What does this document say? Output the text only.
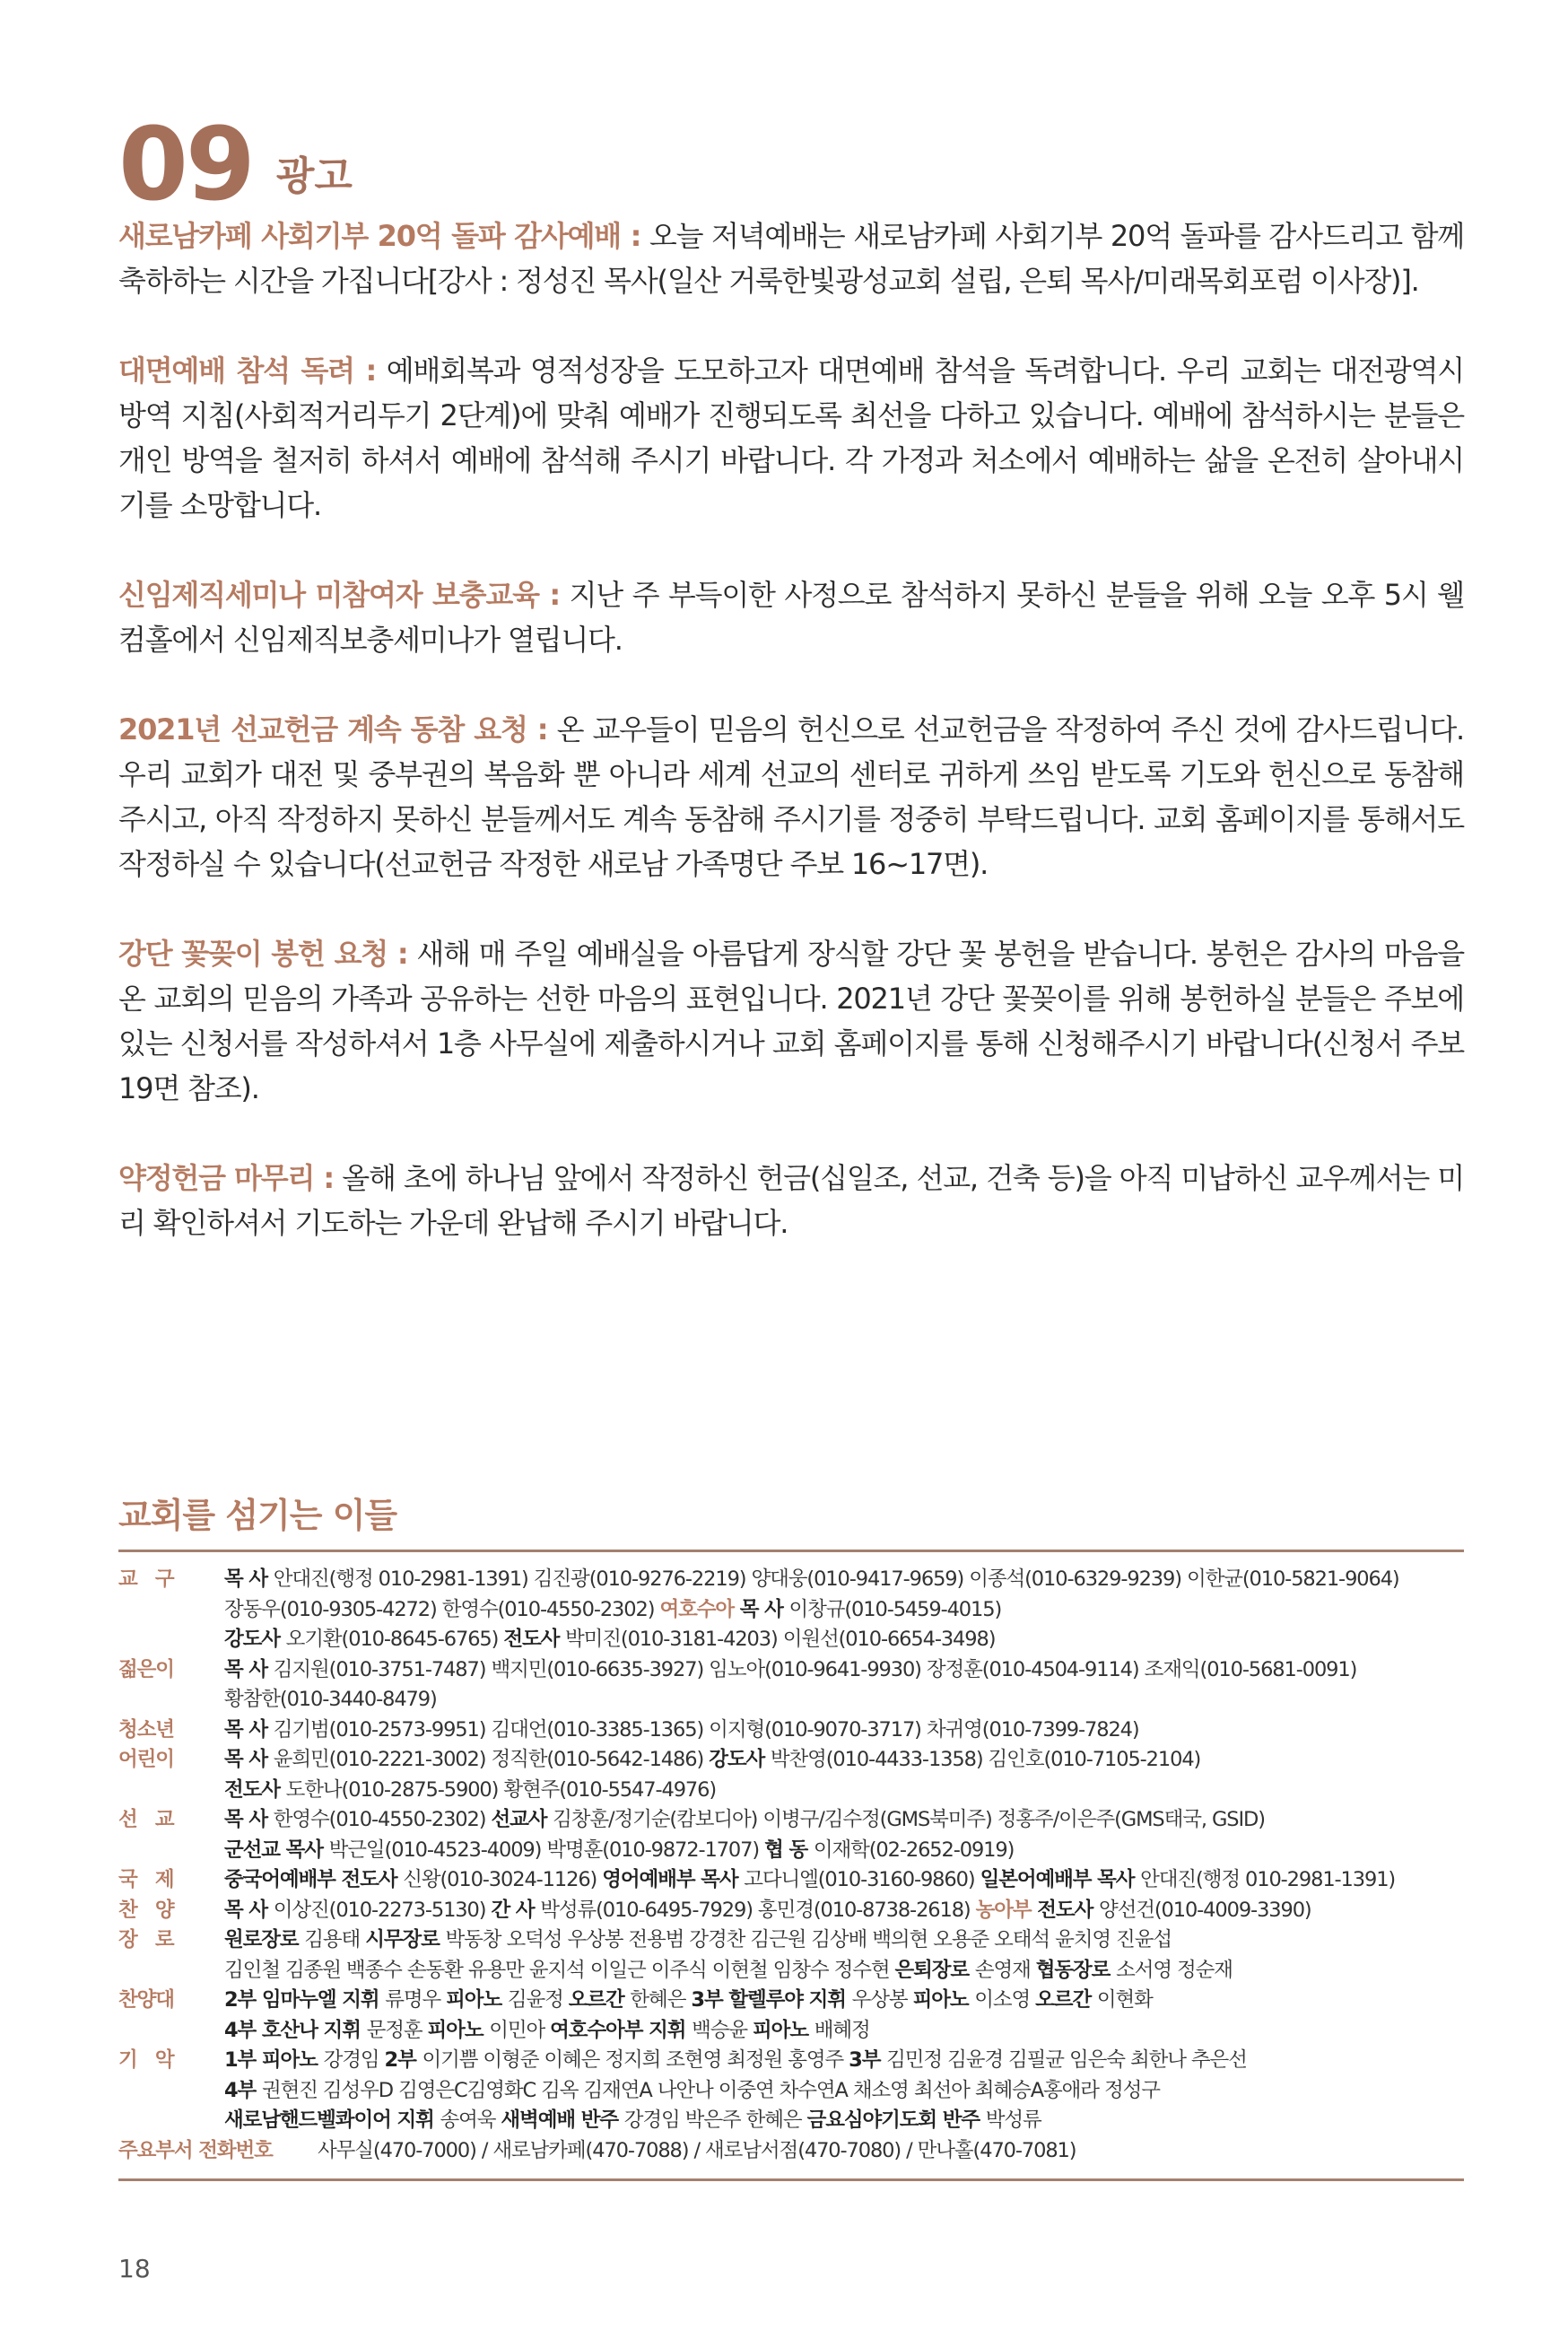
09 광고

새로남카페 사회기부 20억 돌파 감사예배 : 오늘 저녁예배는 새로남카페 사회기부 20억 돌파를 감사드리고 함께 축하하는 시간을 가집니다[강사 : 정성진 목사(일산 거룩한빛광성교회 설립, 은퇴 목사/미래목회포럼 이사장)].

대면예배 참석 독려 : 예배회복과 영적성장을 도모하고자 대면예배 참석을 독려합니다. 우리 교회는 대전광역시 방역 지침(사회적거리두기 2단계)에 맞춰 예배가 진행되도록 최선을 다하고 있습니다. 예배에 참석하시는 분들은 개인 방역을 철저히 하셔서 예배에 참석해 주시기 바랍니다. 각 가정과 처소에서 예배하는 삶을 온전히 살아내시기를 소망합니다.

신임제직세미나 미참여자 보충교육 : 지난 주 부득이한 사정으로 참석하지 못하신 분들을 위해 오늘 오후 5시 웰컴홀에서 신임제직보충세미나가 열립니다.

2021년 선교헌금 계속 동참 요청 : 온 교우들이 믿음의 헌신으로 선교헌금을 작정하여 주신 것에 감사드립니다. 우리 교회가 대전 및 중부권의 복음화 뿐 아니라 세계 선교의 센터로 귀하게 쓰임 받도록 기도와 헌신으로 동참해주시고, 아직 작정하지 못하신 분들께서도 계속 동참해 주시기를 정중히 부탁드립니다. 교회 홈페이지를 통해서도 작정하실 수 있습니다(선교헌금 작정한 새로남 가족명단 주보 16~17면).

강단 꽃꽂이 봉헌 요청 : 새해 매 주일 예배실을 아름답게 장식할 강단 꽃 봉헌을 받습니다. 봉헌은 감사의 마음을 온 교회의 믿음의 가족과 공유하는 선한 마음의 표현입니다. 2021년 강단 꽃꽂이를 위해 봉헌하실 분들은 주보에 있는 신청서를 작성하셔서 1층 사무실에 제출하시거나 교회 홈페이지를 통해 신청해주시기 바랍니다(신청서 주보 19면 참조).

약정헌금 마무리 : 올해 초에 하나님 앞에서 작정하신 헌금(십일조, 선교, 건축 등)을 아직 미납하신 교우께서는 미리 확인하셔서 기도하는 가운데 완납해 주시기 바랍니다.

교회를 섬기는 이들
교   구	목 사 안대진(행정 010-2981-1391) 김진광(010-9276-2219) 양대웅(010-9417-9659) 이종석(010-6329-9239) 이한균(010-5821-9064)
장동우(010-9305-4272) 한영수(010-4550-2302) 여호수아 목 사 이창규(010-5459-4015)
강도사 오기환(010-8645-6765) 전도사 박미진(010-3181-4203) 이원선(010-6654-3498)
젊은이	목 사 김지원(010-3751-7487) 백지민(010-6635-3927) 임노아(010-9641-9930) 장정훈(010-4504-9114) 조재익(010-5681-0091)
황참한(010-3440-8479)
청소년	목 사 김기범(010-2573-9951) 김대언(010-3385-1365) 이지형(010-9070-3717) 차귀영(010-7399-7824)
어린이	목 사 윤희민(010-2221-3002) 정직한(010-5642-1486) 강도사 박찬영(010-4433-1358) 김인호(010-7105-2104)
전도사 도한나(010-2875-5900) 황현주(010-5547-4976)
선   교	목 사 한영수(010-4550-2302) 선교사 김창훈/정기순(캄보디아) 이병구/김수정(GMS북미주) 정홍주/이은주(GMS태국, GSID)
군선교 목사 박근일(010-4523-4009) 박명훈(010-9872-1707) 협 동 이재학(02-2652-0919)
국   제	중국어예배부 전도사 신왕(010-3024-1126) 영어예배부 목사 고다니엘(010-3160-9860) 일본어예배부 목사 안대진(행정 010-2981-1391)
찬   양	목 사 이상진(010-2273-5130) 간 사 박성류(010-6495-7929) 홍민경(010-8738-2618) 농아부 전도사 양선건(010-4009-3390)
장   로	원로장로 김용태 시무장로 박동창 오덕성 우상봉 전용범 강경찬 김근원 김상배 백의현 오용준 오태석 윤치영 진윤섭
김인철 김종원 백종수 손동환 유용만 윤지석 이일근 이주식 이현철 임창수 정수현 은퇴장로 손영재 협동장로 소서영 정순재
찬양대	2부 임마누엘 지휘 류명우 피아노 김윤정 오르간 한혜은 3부 할렐루야 지휘 우상봉 피아노 이소영 오르간 이현화
4부 호산나 지휘 문정훈 피아노 이민아 여호수아부 지휘 백승윤 피아노 배혜정
기   악	1부 피아노 강경임 2부 이기쁨 이형준 이혜은 정지희 조현영 최정원 홍영주 3부 김민정 김윤경 김필균 임은숙 최한나 추은선
4부 권현진 김성우D 김영은C김영화C 김옥 김재연A 나안나 이중연 차수연A 채소영 최선아 최혜승A홍애라 정성구
새로남핸드벨콰이어 지휘 송여욱 새벽예배 반주 강경임 박은주 한혜은 금요심야기도회 반주 박성류
주요부서 전화번호	사무실(470-7000) / 새로남카페(470-7088) / 새로남서점(470-7080) / 만나홀(470-7081)
18
